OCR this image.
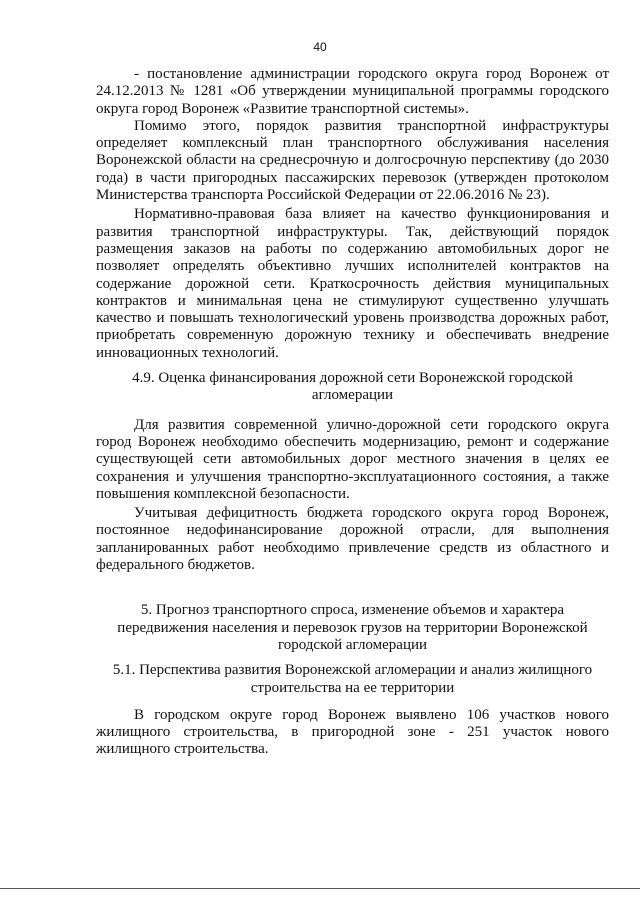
40

- постановление администрации городского округа город Воронеж от 24.12.2013 № 1281 «Об утверждении муниципальной программы городского округа город Воронеж «Развитие транспортной системы».

Помимо этого, порядок развития транспортной инфраструктуры определяет комплексный план транспортного обслуживания населения Воронежской области на среднесрочную и долгосрочную перспективу (до 2030 года) в части пригородных пассажирских перевозок (утвержден протоколом Министерства транспорта Российской Федерации от 22.06.2016 № 23).

Нормативно-правовая база влияет на качество функционирования и развития транспортной инфраструктуры. Так, действующий порядок размещения заказов на работы по содержанию автомобильных дорог не позволяет определять объективно лучших исполнителей контрактов на содержание дорожной сети. Краткосрочность действия муниципальных контрактов и минимальная цена не стимулируют существенно улучшать качество и повышать технологический уровень производства дорожных работ, приобретать современную дорожную технику и обеспечивать внедрение инновационных технологий.

4.9. Оценка финансирования дорожной сети Воронежской городской агломерации

Для развития современной улично-дорожной сети городского округа город Воронеж необходимо обеспечить модернизацию, ремонт и содержание существующей сети автомобильных дорог местного значения в целях ее сохранения и улучшения транспортно-эксплуатационного состояния, а также повышения комплексной безопасности.

Учитывая дефицитность бюджета городского округа город Воронеж, постоянное недофинансирование дорожной отрасли, для выполнения запланированных работ необходимо привлечение средств из областного и федерального бюджетов.

5. Прогноз транспортного спроса, изменение объемов и характера передвижения населения и перевозок грузов на территории Воронежской городской агломерации
5.1. Перспектива развития Воронежской агломерации и анализ жилищного строительства на ее территории

В городском округе город Воронеж выявлено 106 участков нового жилищного строительства, в пригородной зоне - 251 участок нового жилищного строительства.
